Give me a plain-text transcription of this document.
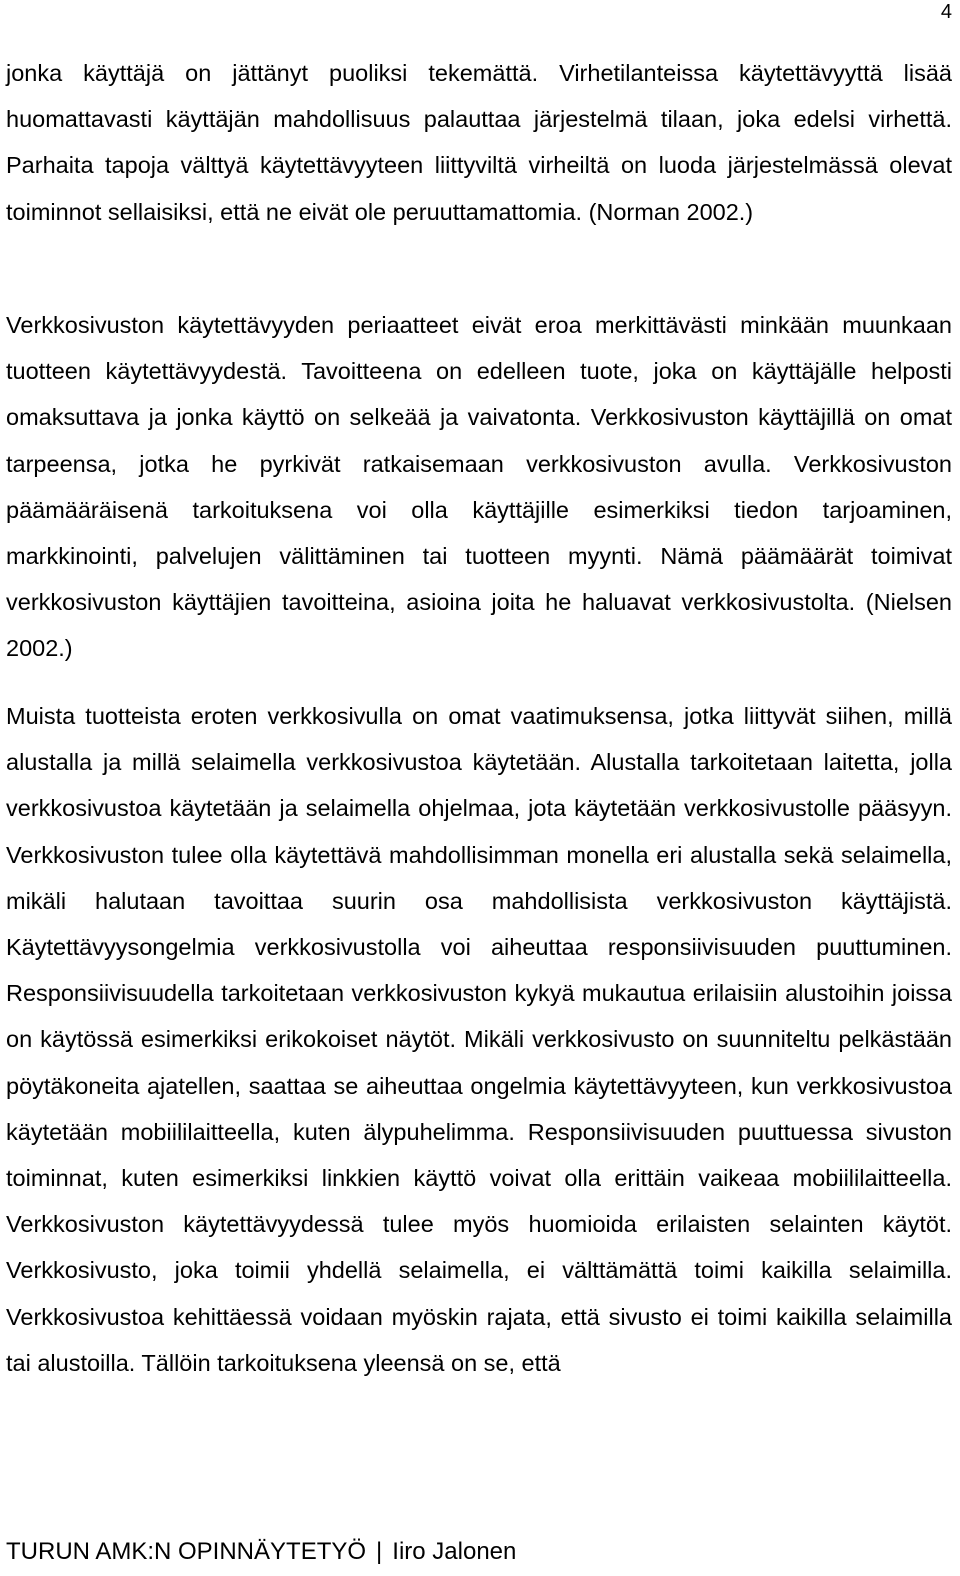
4

jonka käyttäjä on jättänyt puoliksi tekemättä. Virhetilanteissa käytettävyyttä lisää huomattavasti käyttäjän mahdollisuus palauttaa järjestelmä tilaan, joka edelsi virhettä. Parhaita tapoja välttyä käytettävyyteen liittyviltä virheiltä on luoda järjestelmässä olevat toiminnot sellaisiksi, että ne eivät ole peruuttamattomia. (Norman 2002.)

Verkkosivuston käytettävyyden periaatteet eivät eroa merkittävästi minkään muunkaan tuotteen käytettävyydestä. Tavoitteena on edelleen tuote, joka on käyttäjälle helposti omaksuttava ja jonka käyttö on selkeää ja vaivatonta. Verkkosivuston käyttäjillä on omat tarpeensa, jotka he pyrkivät ratkaisemaan verkkosivuston avulla. Verkkosivuston päämääräisenä tarkoituksena voi olla käyttäjille esimerkiksi tiedon tarjoaminen, markkinointi, palvelujen välittäminen tai tuotteen myynti. Nämä päämäärät toimivat verkkosivuston käyttäjien tavoitteina, asioina joita he haluavat verkkosivustolta. (Nielsen 2002.)

Muista tuotteista eroten verkkosivulla on omat vaatimuksensa, jotka liittyvät siihen, millä alustalla ja millä selaimella verkkosivustoa käytetään. Alustalla tarkoitetaan laitetta, jolla verkkosivustoa käytetään ja selaimella ohjelmaa, jota käytetään verkkosivustolle pääsyyn. Verkkosivuston tulee olla käytettävä mahdollisimman monella eri alustalla sekä selaimella, mikäli halutaan tavoittaa suurin osa mahdollisista verkkosivuston käyttäjistä. Käytettävyysongelmia verkkosivustolla voi aiheuttaa responsiivisuuden puuttuminen. Responsiivisuudella tarkoitetaan verkkosivuston kykyä mukautua erilaisiin alustoihin joissa on käytössä esimerkiksi erikokoiset näytöt. Mikäli verkkosivusto on suunniteltu pelkästään pöytäkoneita ajatellen, saattaa se aiheuttaa ongelmia käytettävyyteen, kun verkkosivustoa käytetään mobiililaitteella, kuten älypuhelimma. Responsiivisuuden puuttuessa sivuston toiminnat, kuten esimerkiksi linkkien käyttö voivat olla erittäin vaikeaa mobiililaitteella. Verkkosivuston käytettävyydessä tulee myös huomioida erilaisten selainten käytöt. Verkkosivusto, joka toimii yhdellä selaimella, ei välttämättä toimi kaikilla selaimilla. Verkkosivustoa kehittäessä voidaan myöskin rajata, että sivusto ei toimi kaikilla selaimilla tai alustoilla. Tällöin tarkoituksena yleensä on se, että

TURUN AMK:N OPINNÄYTETYÖ | Iiro Jalonen
